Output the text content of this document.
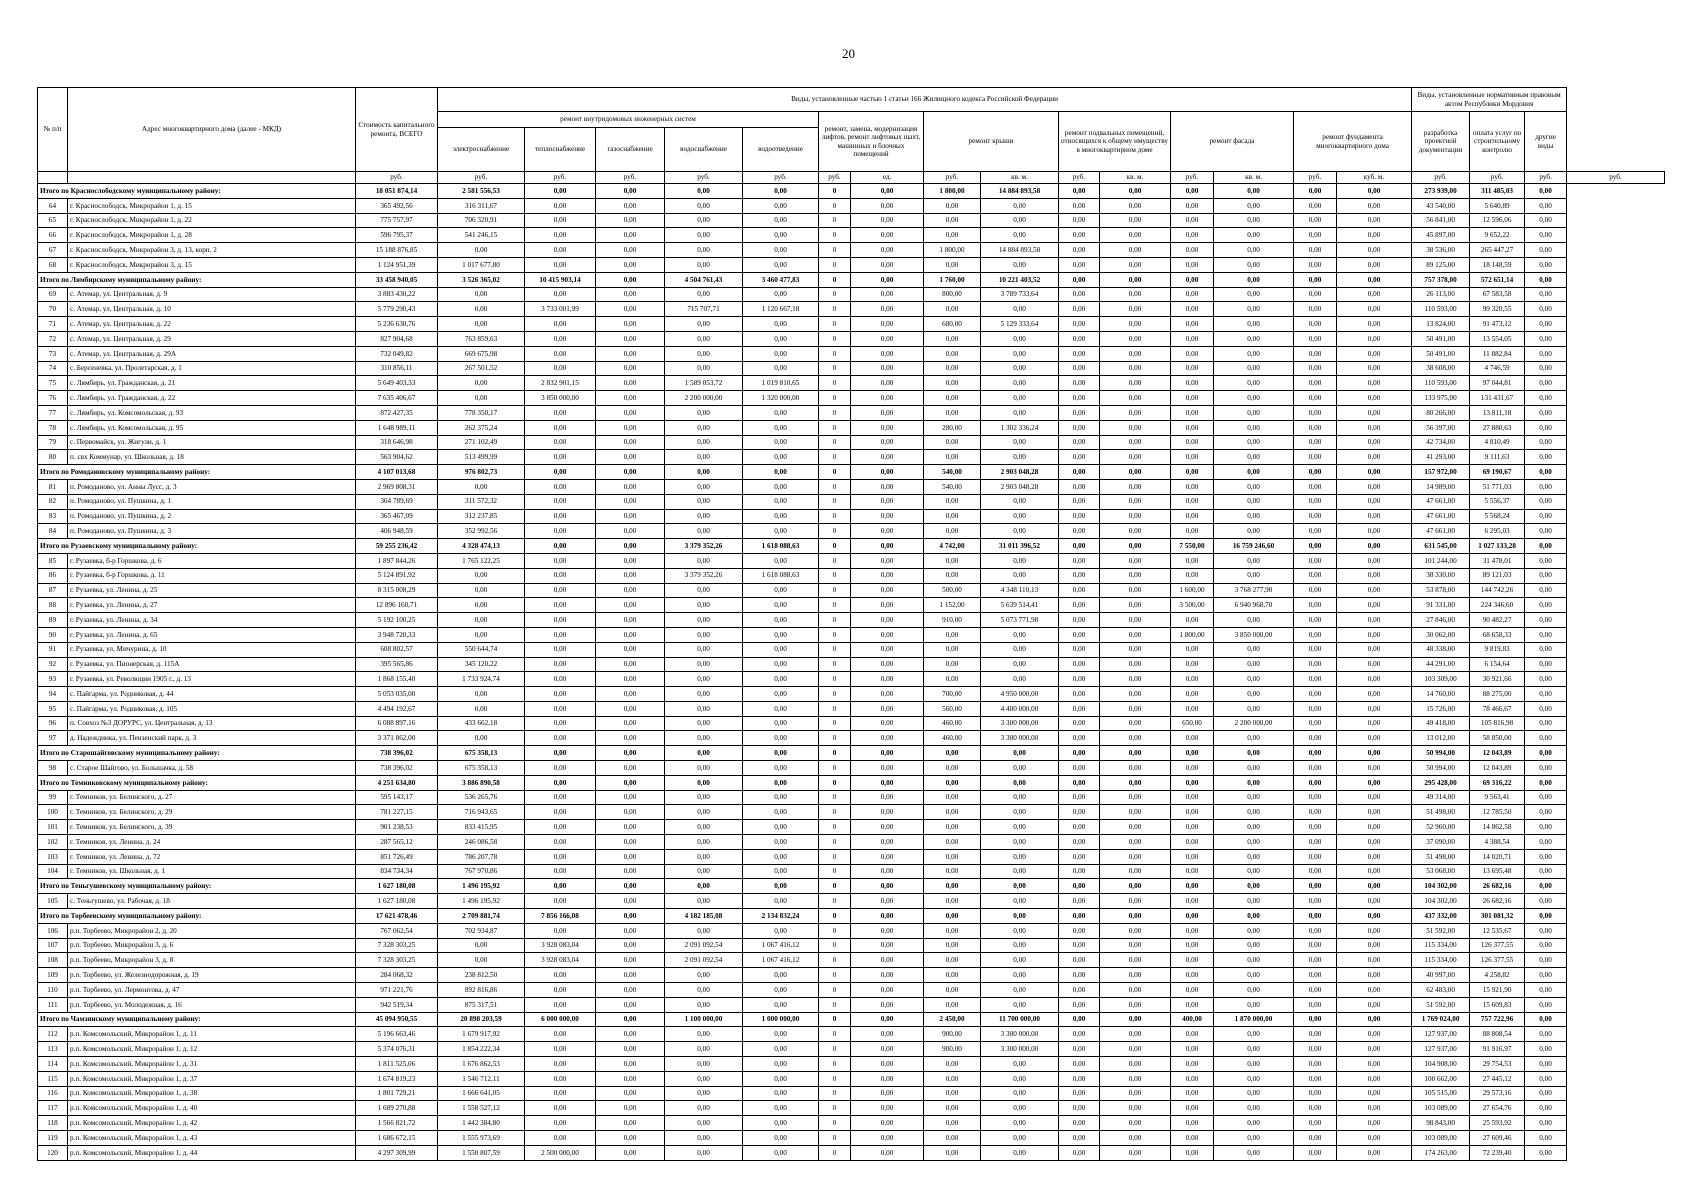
20
№ п/п	Адрес многоквартирного дома (далее - МКД)	Стоимость капитального ремонта, ВСЕГО	Виды, установленные частью 1 статьи 166 Жилищного кодекса Российской Федерации															Виды, установленные нормативным правовым актом Республики Мордовия			
			ремонт внутридомовых инженерных систем					ремонт, замена, модернизация лифтов, ремонт лифтовых шахт, машинных и блочных помещений		ремонт крыши		ремонт подвальных помещений, относящихся к общему имуществу в многоквартирном доме		ремонт фасада		ремонт фундамента многоквартирного дома		разработка проектной документации	оплата услуг по строительному контролю	другие виды	
			электроснабжение	теплоснабжение	газоснабжение	водоснабжение	водоотведение														
		руб.	руб.	руб.	руб.	руб.	руб.	руб.	ед.	руб.	кв. м.	руб.	кв. м.	руб.	кв. м.	руб.	куб. м.	руб.	руб.	руб.	руб.
Итого по Краснослободскому муниципальному району:		18 051 874,14	2 581 556,53	0,00	0,00	0,00	0,00	0	0,00	1 800,00	14 884 893,58	0,00	0,00	0,00	0,00	0,00	0,00	273 939,00	311 485,03	0,00	
64	г. Краснослободск, Микрорайон 1, д. 15	365 492,56	316 311,67	0,00	0,00	0,00	0,00	0	0,00	0,00	0,00	0,00	0,00	0,00	0,00	0,00	0,00	43 540,00	5 640,89	0,00	
65	г. Краснослободск, Микрорайон 1, д. 22	775 757,97	706 320,91	0,00	0,00	0,00	0,00	0	0,00	0,00	0,00	0,00	0,00	0,00	0,00	0,00	0,00	56 841,00	12 596,06	0,00	
66	г. Краснослободск, Микрорайон 1, д. 28	596 795,37	541 246,15	0,00	0,00	0,00	0,00	0	0,00	0,00	0,00	0,00	0,00	0,00	0,00	0,00	0,00	45 897,00	9 652,22	0,00	
67	г. Краснослободск, Микрорайон 3, д. 13, корп. 2	15 188 876,85	0,00	0,00	0,00	0,00	0,00	0	0,00	1 800,00	14 884 893,58	0,00	0,00	0,00	0,00	0,00	0,00	38 536,00	265 447,27	0,00	
68	г. Краснослободск, Микрорайон 3, д. 15	1 124 951,39	1 017 677,80	0,00	0,00	0,00	0,00	0	0,00	0,00	0,00	0,00	0,00	0,00	0,00	0,00	0,00	89 125,00	18 148,59	0,00	
Итого по Лямбирскому муниципальному району:		33 458 940,05	3 526 365,02	10 415 903,14	0,00	4 504 761,43	3 460 477,83	0	0,00	1 760,00	10 221 403,52	0,00	0,00	0,00	0,00	0,00	0,00	757 378,00	572 651,14	0,00	
69	с. Атемар, ул. Центральная, д. 9	3 883 430,22	0,00	0,00	0,00	0,00	0,00	0	0,00	800,00	3 789 733,64	0,00	0,00	0,00	0,00	0,00	0,00	26 113,00	67 583,58	0,00	
70	с. Атемар, ул. Центральная, д. 10	5 779 290,43	0,00	3 733 001,99	0,00	715 707,71	1 120 667,18	0	0,00	0,00	0,00	0,00	0,00	0,00	0,00	0,00	0,00	110 593,00	99 320,55	0,00	
71	с. Атемар, ул. Центральная, д. 22	5 236 630,76	0,00	0,00	0,00	0,00	0,00	0	0,00	680,00	5 129 333,64	0,00	0,00	0,00	0,00	0,00	0,00	13 824,00	91 473,12	0,00	
72	с. Атемар, ул. Центральная, д. 29	827 904,68	763 859,63	0,00	0,00	0,00	0,00	0	0,00	0,00	0,00	0,00	0,00	0,00	0,00	0,00	0,00	50 491,00	13 554,05	0,00	
73	с. Атемар, ул. Центральная, д. 29А	732 049,82	669 675,98	0,00	0,00	0,00	0,00	0	0,00	0,00	0,00	0,00	0,00	0,00	0,00	0,00	0,00	50 491,00	11 882,84	0,00	
74	с. Берсеневка, ул. Пролетарская, д. 1	310 856,11	267 501,52	0,00	0,00	0,00	0,00	0	0,00	0,00	0,00	0,00	0,00	0,00	0,00	0,00	0,00	38 608,00	4 746,59	0,00	
75	с. Лямбирь, ул. Гражданская, д. 21	5 649 403,33	0,00	2 832 901,15	0,00	1 589 053,72	1 019 810,65	0	0,00	0,00	0,00	0,00	0,00	0,00	0,00	0,00	0,00	110 593,00	97 044,81	0,00	
76	с. Лямбирь, ул. Гражданская, д. 22	7 635 406,67	0,00	3 850 000,00	0,00	2 200 000,00	1 320 000,00	0	0,00	0,00	0,00	0,00	0,00	0,00	0,00	0,00	0,00	133 975,00	131 431,67	0,00	
77	с. Лямбирь, ул. Комсомольская, д. 93	872 427,35	778 350,17	0,00	0,00	0,00	0,00	0	0,00	0,00	0,00	0,00	0,00	0,00	0,00	0,00	0,00	80 266,00	13 811,18	0,00	
78	с. Лямбирь, ул. Комсомольская, д. 95	1 648 989,11	262 375,24	0,00	0,00	0,00	0,00	0	0,00	280,00	1 302 336,24	0,00	0,00	0,00	0,00	0,00	0,00	56 397,00	27 880,63	0,00	
79	с. Первомайск, ул. Жигули, д. 1	318 646,98	271 102,49	0,00	0,00	0,00	0,00	0	0,00	0,00	0,00	0,00	0,00	0,00	0,00	0,00	0,00	42 734,00	4 810,49	0,00	
80	п. свх Коммунар, ул. Школьная, д. 18	563 904,62	513 499,99	0,00	0,00	0,00	0,00	0	0,00	0,00	0,00	0,00	0,00	0,00	0,00	0,00	0,00	41 293,00	9 111,63	0,00	
Итого по Ромодановскому муниципальному району:		4 107 013,68	976 802,73	0,00	0,00	0,00	0,00	0	0,00	540,00	2 903 048,28	0,00	0,00	0,00	0,00	0,00	0,00	157 972,00	69 190,67	0,00	
81	п. Ромоданово, ул. Анны Лусс, д. 3	2 969 808,31	0,00	0,00	0,00	0,00	0,00	0	0,00	540,00	2 903 048,28	0,00	0,00	0,00	0,00	0,00	0,00	14 989,00	51 771,03	0,00	
82	п. Ромоданово, ул. Пушкина, д. 1	364 789,69	311 572,32	0,00	0,00	0,00	0,00	0	0,00	0,00	0,00	0,00	0,00	0,00	0,00	0,00	0,00	47 661,00	5 556,37	0,00	
83	п. Ромоданово, ул. Пушкина, д. 2	365 467,09	312 237,85	0,00	0,00	0,00	0,00	0	0,00	0,00	0,00	0,00	0,00	0,00	0,00	0,00	0,00	47 661,00	5 568,24	0,00	
84	п. Ромоданово, ул. Пушкина, д. 3	406 948,59	352 992,56	0,00	0,00	0,00	0,00	0	0,00	0,00	0,00	0,00	0,00	0,00	0,00	0,00	0,00	47 661,00	6 295,03	0,00	
Итого по Рузаевскому муниципальному району:		59 255 236,42	4 328 474,13	0,00	0,00	3 379 352,26	1 618 088,63	0	0,00	4 742,00	31 011 396,52	0,00	0,00	7 550,00	16 759 246,60	0,00	0,00	631 545,00	1 027 133,28	0,00	
85	г. Рузаевка, б-р Горшкова, д. 6	1 897 844,26	1 765 122,25	0,00	0,00	0,00	0,00	0	0,00	0,00	0,00	0,00	0,00	0,00	0,00	0,00	0,00	101 244,00	31 478,01	0,00	
86	г. Рузаевка, б-р Горшкова, д. 11	5 124 891,92	0,00	0,00	0,00	3 379 352,26	1 618 088,63	0	0,00	0,00	0,00	0,00	0,00	0,00	0,00	0,00	0,00	38 330,00	89 121,03	0,00	
87	г. Рузаевка, ул. Ленина, д. 25	8 315 008,29	0,00	0,00	0,00	0,00	0,00	0	0,00	500,00	4 348 110,13	0,00	0,00	1 600,00	3 768 277,90	0,00	0,00	53 878,00	144 742,26	0,00	
88	г. Рузаевка, ул. Ленина, д. 27	12 896 160,71	0,00	0,00	0,00	0,00	0,00	0	0,00	1 152,00	5 639 514,41	0,00	0,00	3 500,00	6 940 968,70	0,00	0,00	91 331,00	224 346,60	0,00	
89	г. Рузаевка, ул. Ленина, д. 34	5 192 100,25	0,00	0,00	0,00	0,00	0,00	0	0,00	910,00	5 073 771,98	0,00	0,00	0,00	0,00	0,00	0,00	27 846,00	90 482,27	0,00	
90	г. Рузаевка, ул. Ленина, д. 65	3 948 720,33	0,00	0,00	0,00	0,00	0,00	0	0,00	0,00	0,00	0,00	0,00	1 800,00	3 850 000,00	0,00	0,00	30 062,00	68 658,33	0,00	
91	г. Рузаевка, ул. Мичурина, д. 10	608 802,57	550 644,74	0,00	0,00	0,00	0,00	0	0,00	0,00	0,00	0,00	0,00	0,00	0,00	0,00	0,00	48 338,00	9 819,83	0,00	
92	г. Рузаевка, ул. Пионерская, д. 115А	395 565,86	345 120,22	0,00	0,00	0,00	0,00	0	0,00	0,00	0,00	0,00	0,00	0,00	0,00	0,00	0,00	44 291,00	6 154,64	0,00	
93	г. Рузаевка, ул. Революции 1905 г., д. 13	1 868 155,40	1 733 924,74	0,00	0,00	0,00	0,00	0	0,00	0,00	0,00	0,00	0,00	0,00	0,00	0,00	0,00	103 309,00	30 921,66	0,00	
94	с. Пайгарма, ул. Родниковая, д. 44	5 053 035,00	0,00	0,00	0,00	0,00	0,00	0	0,00	700,00	4 950 000,00	0,00	0,00	0,00	0,00	0,00	0,00	14 760,00	88 275,00	0,00	
95	с. Пайгарма, ул. Родниковая, д. 105	4 494 192,67	0,00	0,00	0,00	0,00	0,00	0	0,00	560,00	4 400 000,00	0,00	0,00	0,00	0,00	0,00	0,00	15 726,00	78 466,67	0,00	
96	п. Совхоз №3 ДОРУРС, ул. Центральная, д. 13	6 088 897,16	433 662,18	0,00	0,00	0,00	0,00	0	0,00	460,00	3 300 000,00	0,00	0,00	650,00	2 200 000,00	0,00	0,00	49 418,00	105 816,98	0,00	
97	д. Надеждинка, ул. Пензенский парк, д. 3	3 371 862,00	0,00	0,00	0,00	0,00	0,00	0	0,00	460,00	3 300 000,00	0,00	0,00	0,00	0,00	0,00	0,00	13 012,00	58 850,00	0,00	
Итого по Старошайговскому муниципальному району:		738 396,02	675 358,13	0,00	0,00	0,00	0,00	0	0,00	0,00	0,00	0,00	0,00	0,00	0,00	0,00	0,00	50 994,00	12 043,89	0,00	
98	с. Старое Шайгово, ул. Большачка, д. 58	738 396,02	675 358,13	0,00	0,00	0,00	0,00	0	0,00	0,00	0,00	0,00	0,00	0,00	0,00	0,00	0,00	50 994,00	12 043,89	0,00	
Итого по Темниковскому муниципальному району:		4 251 634,80	3 886 890,58	0,00	0,00	0,00	0,00	0	0,00	0,00	0,00	0,00	0,00	0,00	0,00	0,00	0,00	295 428,00	69 316,22	0,00	
99	г. Темников, ул. Белинского, д. 27	595 143,17	536 265,76	0,00	0,00	0,00	0,00	0	0,00	0,00	0,00	0,00	0,00	0,00	0,00	0,00	0,00	49 314,00	9 563,41	0,00	
100	г. Темников, ул. Белинского, д. 29	781 227,15	716 943,65	0,00	0,00	0,00	0,00	0	0,00	0,00	0,00	0,00	0,00	0,00	0,00	0,00	0,00	51 498,00	12 785,50	0,00	
101	г. Темников, ул. Белинского, д. 39	901 238,53	833 415,95	0,00	0,00	0,00	0,00	0	0,00	0,00	0,00	0,00	0,00	0,00	0,00	0,00	0,00	52 960,00	14 862,58	0,00	
102	г. Темников, ул. Ленина, д. 24	287 565,12	246 086,58	0,00	0,00	0,00	0,00	0	0,00	0,00	0,00	0,00	0,00	0,00	0,00	0,00	0,00	37 090,00	4 388,54	0,00	
103	г. Темников, ул. Ленина, д. 72	851 726,49	786 207,78	0,00	0,00	0,00	0,00	0	0,00	0,00	0,00	0,00	0,00	0,00	0,00	0,00	0,00	51 498,00	14 020,71	0,00	
104	г. Темников, ул. Школьная, д. 1	834 734,34	767 970,86	0,00	0,00	0,00	0,00	0	0,00	0,00	0,00	0,00	0,00	0,00	0,00	0,00	0,00	53 068,00	13 695,48	0,00	
Итого по Теньгушевскому муниципальному району:		1 627 180,08	1 496 195,92	0,00	0,00	0,00	0,00	0	0,00	0,00	0,00	0,00	0,00	0,00	0,00	0,00	0,00	104 302,00	26 682,16	0,00	
105	с. Теньгушево, ул. Рабочая, д. 18	1 627 180,08	1 496 195,92	0,00	0,00	0,00	0,00	0	0,00	0,00	0,00	0,00	0,00	0,00	0,00	0,00	0,00	104 302,00	26 682,16	0,00	
Итого по Торбеевскому муниципальному району:		17 621 478,46	2 709 881,74	7 856 166,08	0,00	4 182 185,08	2 134 832,24	0	0,00	0,00	0,00	0,00	0,00	0,00	0,00	0,00	0,00	437 332,00	301 081,32	0,00	
106	р.п. Торбеево, Микрорайон 2, д. 20	767 062,54	702 934,87	0,00	0,00	0,00	0,00	0	0,00	0,00	0,00	0,00	0,00	0,00	0,00	0,00	0,00	51 592,00	12 535,67	0,00	
107	р.п. Торбеево, Микрорайон 3, д. 6	7 328 303,25	0,00	3 928 083,04	0,00	2 091 092,54	1 067 416,12	0	0,00	0,00	0,00	0,00	0,00	0,00	0,00	0,00	0,00	115 334,00	126 377,55	0,00	
108	р.п. Торбеево, Микрорайон 3, д. 8	7 328 303,25	0,00	3 928 083,04	0,00	2 091 092,54	1 067 416,12	0	0,00	0,00	0,00	0,00	0,00	0,00	0,00	0,00	0,00	115 334,00	126 377,55	0,00	
109	р.п. Торбеево, ул. Железнодорожная, д. 19	284 068,32	238 812,50	0,00	0,00	0,00	0,00	0	0,00	0,00	0,00	0,00	0,00	0,00	0,00	0,00	0,00	40 997,00	4 258,82	0,00	
110	р.п. Торбеево, ул. Лермонтова, д. 47	971 221,76	892 816,86	0,00	0,00	0,00	0,00	0	0,00	0,00	0,00	0,00	0,00	0,00	0,00	0,00	0,00	62 483,00	15 921,90	0,00	
111	р.п. Торбеево, ул. Молодежная, д. 16	942 519,34	875 317,51	0,00	0,00	0,00	0,00	0	0,00	0,00	0,00	0,00	0,00	0,00	0,00	0,00	0,00	51 592,00	15 609,83	0,00	
Итого по Чамзинскому муниципальному району:		45 094 950,55	20 898 203,59	6 000 000,00	0,00	1 100 000,00	1 000 000,00	0	0,00	2 450,00	11 700 000,00	0,00	0,00	400,00	1 870 000,00	0,00	0,00	1 769 024,00	757 722,96	0,00	
112	р.п. Комсомольский, Микрорайон 1, д. 11	5 196 663,46	1 679 917,92	0,00	0,00	0,00	0,00	0	0,00	900,00	3 300 000,00	0,00	0,00	0,00	0,00	0,00	0,00	127 937,00	88 808,54	0,00	
113	р.п. Комсомольский, Микрорайон 1, д. 12	5 374 076,31	1 854 222,34	0,00	0,00	0,00	0,00	0	0,00	900,00	3 300 000,00	0,00	0,00	0,00	0,00	0,00	0,00	127 937,00	91 916,97	0,00	
114	р.п. Комсомольский, Микрорайон 1, д. 31	1 811 525,06	1 676 862,53	0,00	0,00	0,00	0,00	0	0,00	0,00	0,00	0,00	0,00	0,00	0,00	0,00	0,00	104 908,00	29 754,53	0,00	
115	р.п. Комсомольский, Микрорайон 1, д. 37	1 674 819,23	1 546 712,11	0,00	0,00	0,00	0,00	0	0,00	0,00	0,00	0,00	0,00	0,00	0,00	0,00	0,00	100 662,00	27 445,12	0,00	
116	р.п. Комсомольский, Микрорайон 1, д. 38	1 801 729,21	1 666 641,05	0,00	0,00	0,00	0,00	0	0,00	0,00	0,00	0,00	0,00	0,00	0,00	0,00	0,00	105 515,00	29 573,16	0,00	
117	р.п. Комсомольский, Микрорайон 1, д. 40	1 689 270,88	1 558 527,12	0,00	0,00	0,00	0,00	0	0,00	0,00	0,00	0,00	0,00	0,00	0,00	0,00	0,00	103 089,00	27 654,76	0,00	
118	р.п. Комсомольский, Микрорайон 1, д. 42	1 566 821,72	1 442 384,80	0,00	0,00	0,00	0,00	0	0,00	0,00	0,00	0,00	0,00	0,00	0,00	0,00	0,00	98 843,00	25 593,92	0,00	
119	р.п. Комсомольский, Микрорайон 1, д. 43	1 686 672,15	1 555 973,69	0,00	0,00	0,00	0,00	0	0,00	0,00	0,00	0,00	0,00	0,00	0,00	0,00	0,00	103 089,00	27 609,46	0,00	
120	р.п. Комсомольский, Микрорайон 1, д. 44	4 297 309,99	1 550 807,59	2 500 000,00	0,00	0,00	0,00	0	0,00	0,00	0,00	0,00	0,00	0,00	0,00	0,00	0,00	174 263,00	72 239,40	0,00	
